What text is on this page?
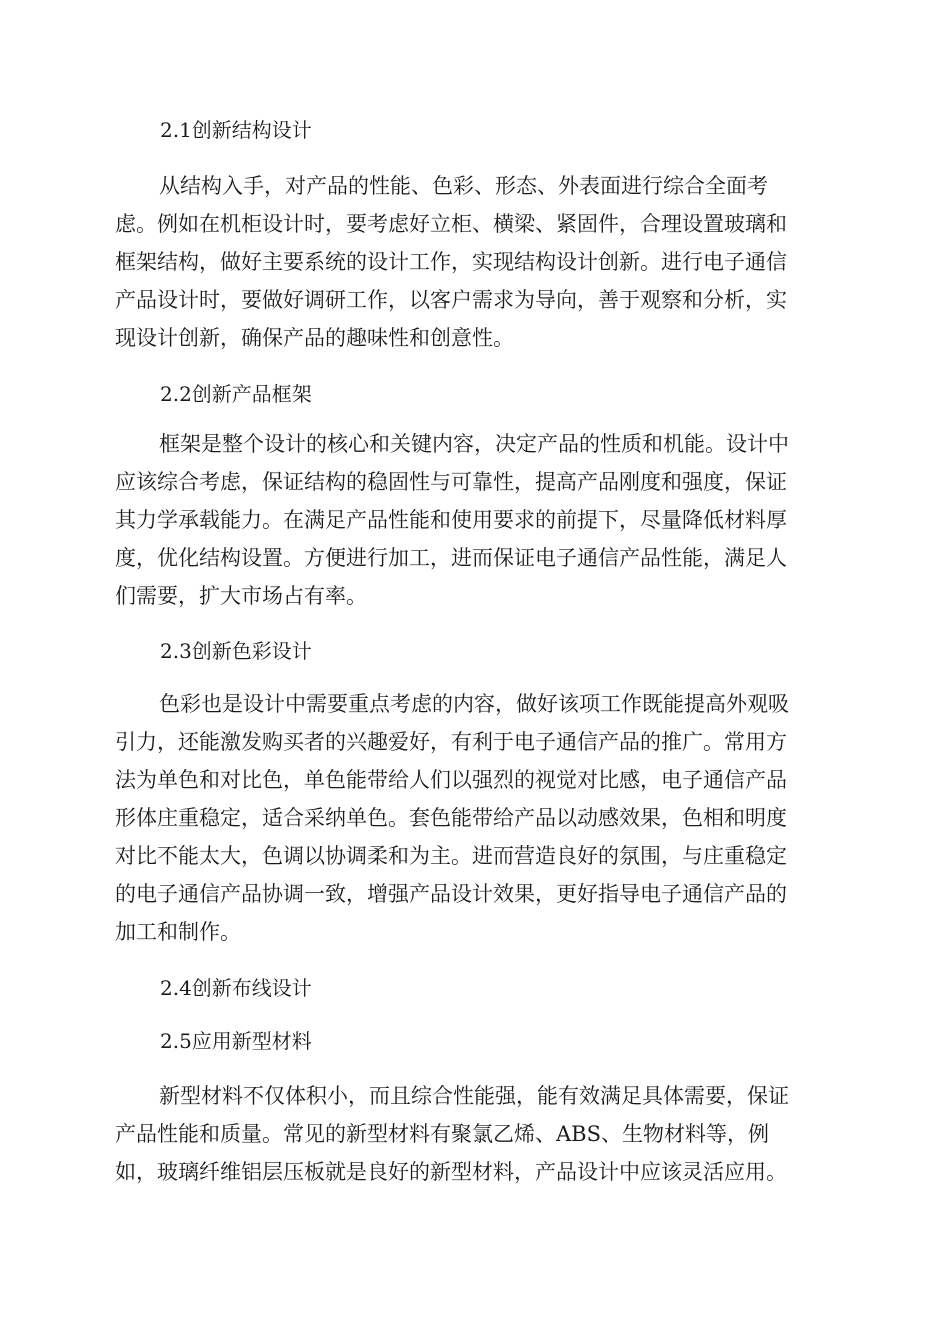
2.1创新结构设计
从结构入手，对产品的性能、色彩、形态、外表面进行综合全面考
虑。例如在机柜设计时，要考虑好立柜、横梁、紧固件，合理设置玻璃和
框架结构，做好主要系统的设计工作，实现结构设计创新。进行电子通信
产品设计时，要做好调研工作，以客户需求为导向，善于观察和分析，实
现设计创新，确保产品的趣味性和创意性。
2.2创新产品框架
框架是整个设计的核心和关键内容，决定产品的性质和机能。设计中
应该综合考虑，保证结构的稳固性与可靠性，提高产品刚度和强度，保证
其力学承载能力。在满足产品性能和使用要求的前提下，尽量降低材料厚
度，优化结构设置。方便进行加工，进而保证电子通信产品性能，满足人
们需要，扩大市场占有率。
2.3创新色彩设计
色彩也是设计中需要重点考虑的内容，做好该项工作既能提高外观吸
引力，还能激发购买者的兴趣爱好，有利于电子通信产品的推广。常用方
法为单色和对比色，单色能带给人们以强烈的视觉对比感，电子通信产品
形体庄重稳定，适合采纳单色。套色能带给产品以动感效果，色相和明度
对比不能太大，色调以协调柔和为主。进而营造良好的氛围，与庄重稳定
的电子通信产品协调一致，增强产品设计效果，更好指导电子通信产品的
加工和制作。
2.4创新布线设计
2.5应用新型材料
新型材料不仅体积小，而且综合性能强，能有效满足具体需要，保证
产品性能和质量。常见的新型材料有聚氯乙烯、ABS、生物材料等，例
如，玻璃纤维铝层压板就是良好的新型材料，产品设计中应该灵活应用。
